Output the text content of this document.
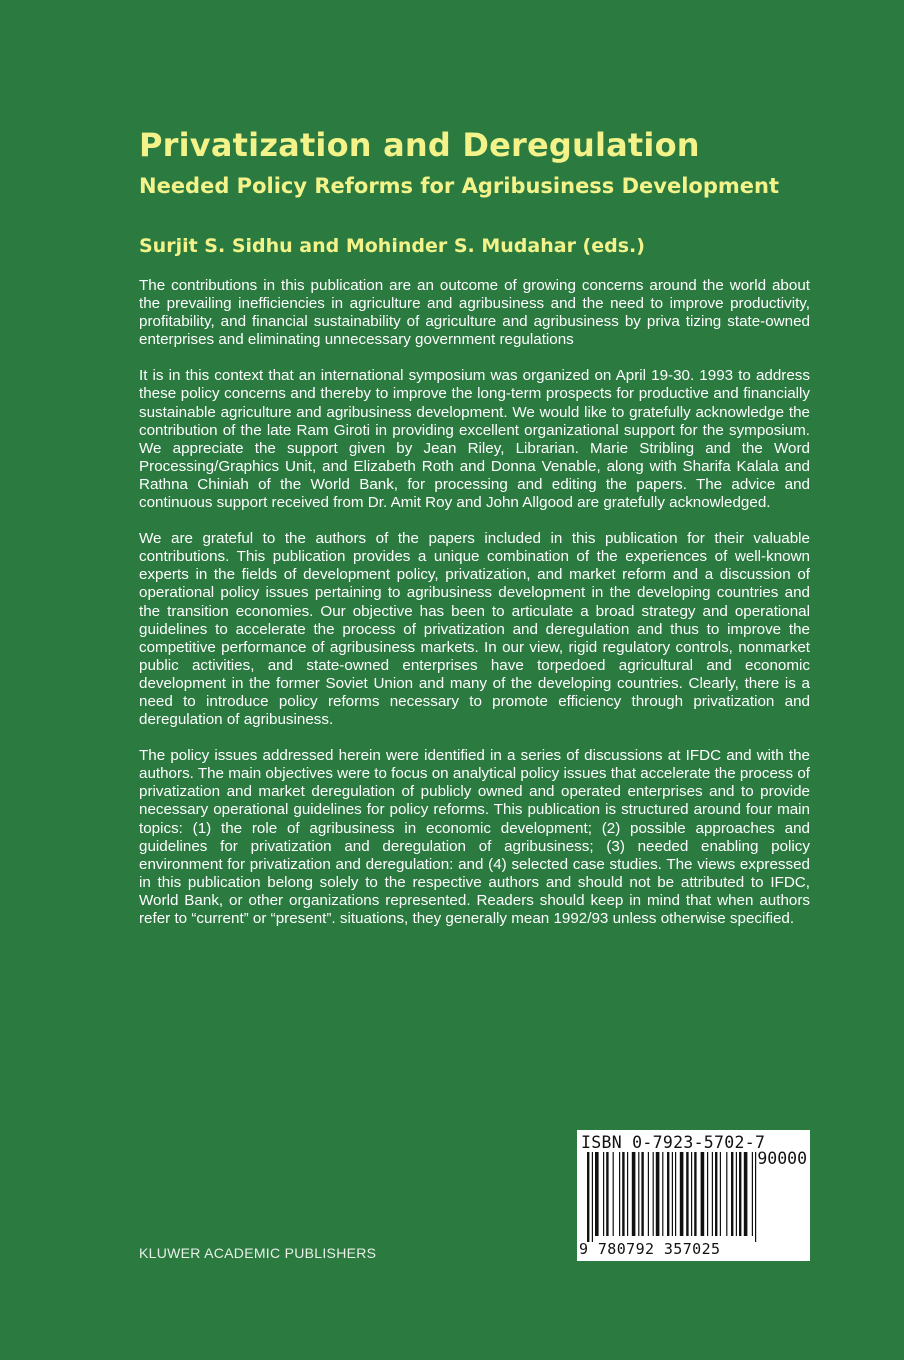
Privatization and Deregulation
Needed Policy Reforms for Agribusiness Development
Surjit S. Sidhu and Mohinder S. Mudahar (eds.)

The contributions in this publication are an outcome of growing concerns around the world about the prevailing inefficiencies in agriculture and agribusiness and the need to improve productivity, profitability, and financial sustainability of agriculture and agribusiness by priva tizing state-owned enterprises and eliminating unnecessary government regulations

It is in this context that an international symposium was organized on April 19-30. 1993 to address these policy concerns and thereby to improve the long-term prospects for productive and financially sustainable agriculture and agribusiness development. We would like to gratefully acknowledge the contribution of the late Ram Giroti in providing excellent organizational support for the symposium. We appreciate the support given by Jean Riley, Librarian. Marie Stribling and the Word Processing/Graphics Unit, and Elizabeth Roth and Donna Venable, along with Sharifa Kalala and Rathna Chiniah of the World Bank, for processing and editing the papers. The advice and continuous support received from Dr. Amit Roy and John Allgood are gratefully acknowledged.

We are grateful to the authors of the papers included in this publication for their valuable contributions. This publication provides a unique combination of the experiences of well-known experts in the fields of development policy, privatization, and market reform and a discussion of operational policy issues pertaining to agribusiness development in the developing countries and the transition economies. Our objective has been to articulate a broad strategy and operational guidelines to accelerate the process of privatization and deregulation and thus to improve the competitive performance of agribusiness markets. In our view, rigid regulatory controls, nonmarket public activities, and state-owned enterprises have torpedoed agricultural and economic development in the former Soviet Union and many of the developing countries. Clearly, there is a need to introduce policy reforms necessary to promote efficiency through privatization and deregulation of agribusiness.

The policy issues addressed herein were identified in a series of discussions at IFDC and with the authors. The main objectives were to focus on analytical policy issues that accelerate the process of privatization and market deregulation of publicly owned and operated enterprises and to provide necessary operational guidelines for policy reforms. This publication is structured around four main topics: (1) the role of agribusiness in economic development; (2) possible approaches and guidelines for privatization and deregulation of agribusiness; (3) needed enabling policy environment for privatization and deregulation: and (4) selected case studies. The views expressed in this publication belong solely to the respective authors and should not be attributed to IFDC, World Bank, or other organizations represented. Readers should keep in mind that when authors refer to “current” or “present”. situations, they generally mean 1992/93 unless otherwise specified.

ISBN 0-7923-5702-7
90000
9 780792 357025

KLUWER ACADEMIC PUBLISHERS
